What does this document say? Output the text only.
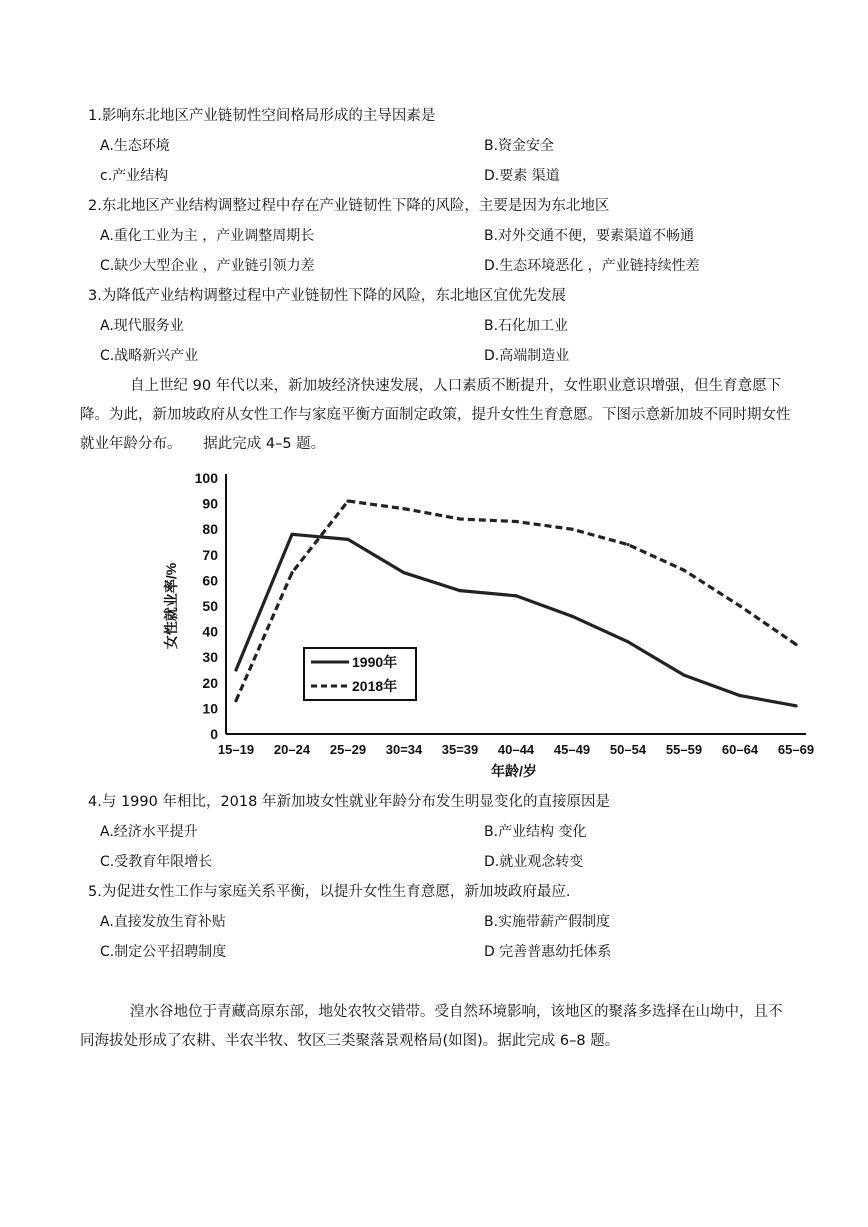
1.影响东北地区产业链韧性空间格局形成的主导因素是
A.生态环境	B.资金安全
c.产业结构	D.要素 渠道
2.东北地区产业结构调整过程中存在产业链韧性下降的风险，主要是因为东北地区
A.重化工业为主 ，产业调整周期长	B.对外交通不便，要素渠道不畅通
C.缺少大型企业 ，产业链引领力差	D.生态环境恶化 ，产业链持续性差
3.为降低产业结构调整过程中产业链韧性下降的风险，东北地区宜优先发展
A.现代服务业	B.石化加工业
C.战略新兴产业	D.高端制造业
自上世纪 90 年代以来，新加坡经济快速发展，人口素质不断提升，女性职业意识增强，但生育意愿下降。为此，新加坡政府从女性工作与家庭平衡方面制定政策，提升女性生育意愿。下图示意新加坡不同时期女性就业年龄分布。　　据此完成 4–5 题。
0
10
20
30
40
50
60
70
80
90
100
15–19 20–24 25–29 30=34 35=39 40–44 45–49 50–54 55–59 60–64 65–69
女性就业率/%
年龄/岁
1990年
2018年
4.与 1990 年相比，2018 年新加坡女性就业年龄分布发生明显变化的直接原因是
A.经济水平提升	B.产业结构 变化
C.受教育年限增长	D.就业观念转变
5.为促进女性工作与家庭关系平衡，以提升女性生育意愿，新加坡政府最应.
A.直接发放生育补贴	B.实施带薪产假制度
C.制定公平招聘制度	D 完善普惠幼托体系
湟水谷地位于青藏高原东部，地处农牧交错带。受自然环境影响，该地区的聚落多选择在山坳中，且不同海拔处形成了农耕、半农半牧、牧区三类聚落景观格局(如图)。据此完成 6–8 题。
